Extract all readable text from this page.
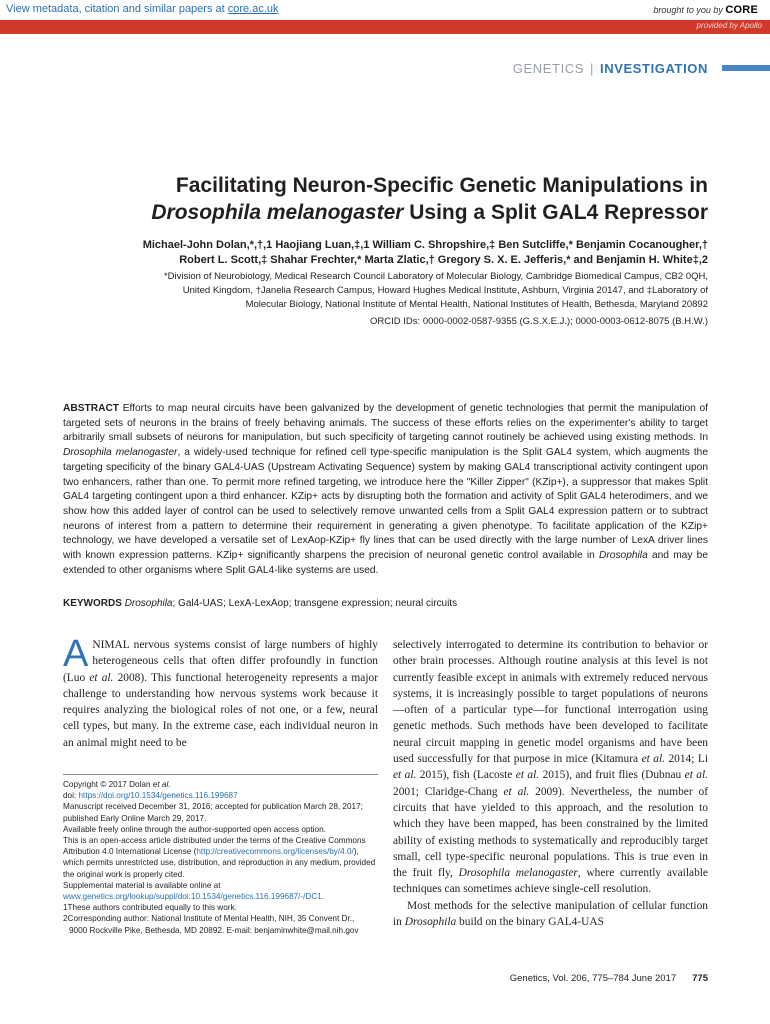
View metadata, citation and similar papers at core.ac.uk	brought to you by CORE
provided by Apollo
GENETICS | INVESTIGATION
Facilitating Neuron-Specific Genetic Manipulations in
Drosophila melanogaster Using a Split GAL4 Repressor
Michael-John Dolan,*,†,1 Haojiang Luan,‡,1 William C. Shropshire,‡ Ben Sutcliffe,* Benjamin Cocanougher,†
Robert L. Scott,‡ Shahar Frechter,* Marta Zlatic,† Gregory S. X. E. Jefferis,* and Benjamin H. White‡,2
*Division of Neurobiology, Medical Research Council Laboratory of Molecular Biology, Cambridge Biomedical Campus, CB2 0QH,
United Kingdom, †Janelia Research Campus, Howard Hughes Medical Institute, Ashburn, Virginia 20147, and ‡Laboratory of
Molecular Biology, National Institute of Mental Health, National Institutes of Health, Bethesda, Maryland 20892
ORCID IDs: 0000-0002-0587-9355 (G.S.X.E.J.); 0000-0003-0612-8075 (B.H.W.)
ABSTRACT Efforts to map neural circuits have been galvanized by the development of genetic technologies that permit the manipulation of targeted sets of neurons in the brains of freely behaving animals. The success of these efforts relies on the experimenter's ability to target arbitrarily small subsets of neurons for manipulation, but such specificity of targeting cannot routinely be achieved using existing methods. In Drosophila melanogaster, a widely-used technique for refined cell type-specific manipulation is the Split GAL4 system, which augments the targeting specificity of the binary GAL4-UAS (Upstream Activating Sequence) system by making GAL4 transcriptional activity contingent upon two enhancers, rather than one. To permit more refined targeting, we introduce here the "Killer Zipper" (KZip+), a suppressor that makes Split GAL4 targeting contingent upon a third enhancer. KZip+ acts by disrupting both the formation and activity of Split GAL4 heterodimers, and we show how this added layer of control can be used to selectively remove unwanted cells from a Split GAL4 expression pattern or to subtract neurons of interest from a pattern to determine their requirement in generating a given phenotype. To facilitate application of the KZip+ technology, we have developed a versatile set of LexAop-KZip+ fly lines that can be used directly with the large number of LexA driver lines with known expression patterns. KZip+ significantly sharpens the precision of neuronal genetic control available in Drosophila and may be extended to other organisms where Split GAL4-like systems are used.
KEYWORDS Drosophila; Gal4-UAS; LexA-LexAop; transgene expression; neural circuits
ANIMAL nervous systems consist of large numbers of highly heterogeneous cells that often differ profoundly in function (Luo et al. 2008). This functional heterogeneity represents a major challenge to understanding how nervous systems work because it requires analyzing the biological roles of not one, or a few, neural cell types, but many. In the extreme case, each individual neuron in an animal might need to be

Copyright © 2017 Dolan et al.

doi: https://doi.org/10.1534/genetics.116.199687

Manuscript received December 31, 2016; accepted for publication March 28, 2017; published Early Online March 29, 2017.

Available freely online through the author-supported open access option.

This is an open-access article distributed under the terms of the Creative Commons Attribution 4.0 International License (http://creativecommons.org/licenses/by/4.0/), which permits unrestricted use, distribution, and reproduction in any medium, provided the original work is properly cited.

Supplemental material is available online at www.genetics.org/lookup/suppl/doi:10.1534/genetics.116.199687/-/DC1.

1These authors contributed equally to this work.

2Corresponding author: National Institute of Mental Health, NIH, 35 Convent Dr.,

9000 Rockville Pike, Bethesda, MD 20892. E-mail: benjaminwhite@mail.nih.gov

selectively interrogated to determine its contribution to behavior or other brain processes. Although routine analysis at this level is not currently feasible except in animals with extremely reduced nervous systems, it is increasingly possible to target populations of neurons—often of a particular type—for functional interrogation using genetic methods. Such methods have been developed to facilitate neural circuit mapping in genetic model organisms and have been used successfully for that purpose in mice (Kitamura et al. 2014; Li et al. 2015), fish (Lacoste et al. 2015), and fruit flies (Dubnau et al. 2001; Claridge-Chang et al. 2009). Nevertheless, the number of circuits that have yielded to this approach, and the resolution to which they have been mapped, has been constrained by the limited ability of existing methods to systematically and reproducibly target small, cell type-specific neuronal populations. This is true even in the fruit fly, Drosophila melanogaster, where currently available techniques can sometimes achieve single-cell resolution.
Most methods for the selective manipulation of cellular function in Drosophila build on the binary GAL4-UAS
Genetics, Vol. 206, 775–784 June 2017 775
